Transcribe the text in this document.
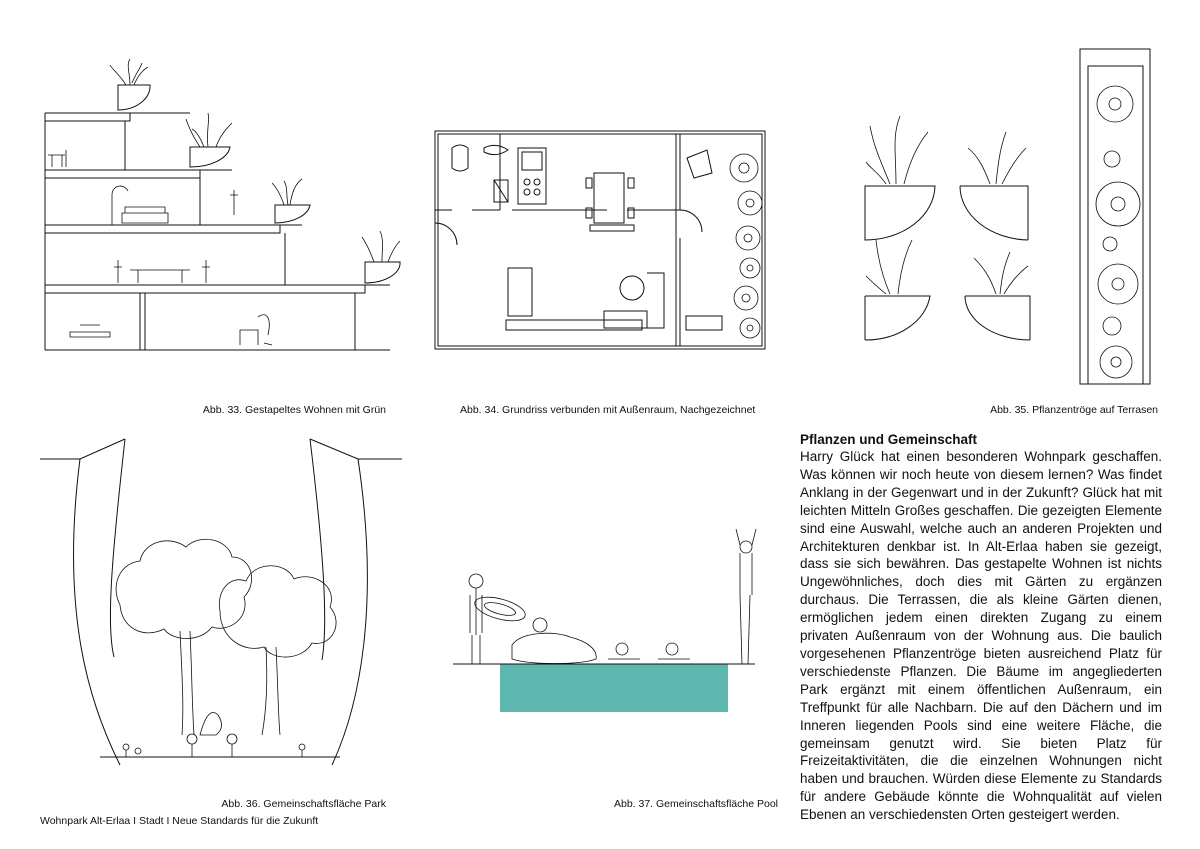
Abb. 33. Gestapeltes Wohnen mit Grün	Abb. 34. Grundriss verbunden mit Außenraum, Nachgezeichnet	Abb. 35. Pflanzentröge auf Terrasen
Abb. 36. Gemeinschaftsfläche Park	Abb. 37. Gemeinschaftsfläche Pool
Wohnpark Alt-Erlaa I Stadt I Neue Standards für die Zukunft
Pflanzen und Gemeinschaft

Harry Glück hat einen besonderen Wohnpark geschaffen. Was können wir noch heute von diesem lernen? Was findet Anklang in der Gegenwart und in der Zukunft? Glück hat mit leichten Mitteln Großes geschaffen. Die gezeigten Elemente sind eine Auswahl, welche auch an anderen Projekten und Architekturen denkbar ist. In Alt-Erlaa haben sie gezeigt, dass sie sich bewähren. Das gestapelte Wohnen ist nichts Ungewöhnliches, doch dies mit Gärten zu ergänzen durchaus. Die Terrassen, die als kleine Gärten dienen, ermöglichen jedem einen direkten Zugang zu einem privaten Außenraum von der Wohnung aus. Die baulich vorgesehenen Pflanzentröge bieten ausreichend Platz für verschiedenste Pflanzen. Die Bäume im angegliederten Park ergänzt mit einem öffentlichen Außenraum, ein Treffpunkt für alle Nachbarn. Die auf den Dächern und im Inneren liegenden Pools sind eine weitere Fläche, die gemeinsam genutzt wird. Sie bieten Platz für Freizeitaktivitäten, die die einzelnen Wohnungen nicht haben und brauchen. Würden diese Elemente zu Standards für andere Gebäude könnte die Wohnqualität auf vielen Ebenen an verschiedensten Orten gesteigert werden.
